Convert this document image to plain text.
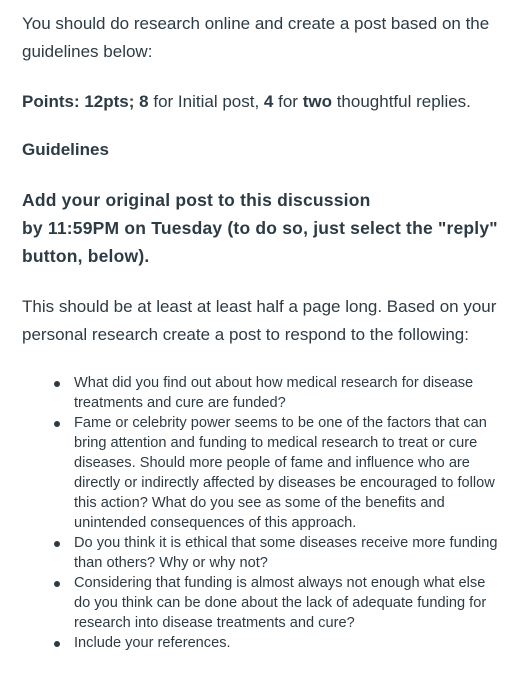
You should do research online and create a post based on the guidelines below:

Points: 12pts; 8 for Initial post, 4 for two thoughtful replies.

Guidelines

Add your original post to this discussion
by 11:59PM on Tuesday (to do so, just select the "reply" button, below).

This should be at least at least half a page long. Based on your personal research create a post to respond to the following:

What did you find out about how medical research for disease treatments and cure are funded?
Fame or celebrity power seems to be one of the factors that can bring attention and funding to medical research to treat or cure diseases. Should more people of fame and influence who are directly or indirectly affected by diseases be encouraged to follow this action? What do you see as some of the benefits and unintended consequences of this approach.
Do you think it is ethical that some diseases receive more funding than others? Why or why not?
Considering that funding is almost always not enough what else do you think can be done about the lack of adequate funding for research into disease treatments and cure?
Include your references.
